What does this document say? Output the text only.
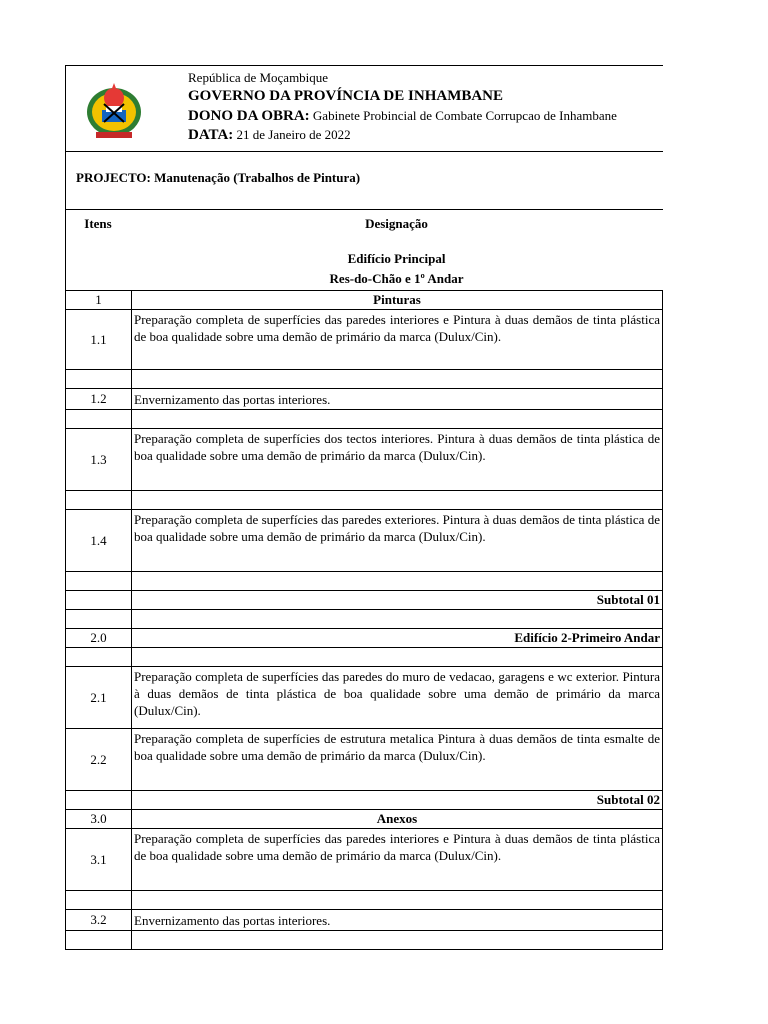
República de Moçambique
GOVERNO DA PROVÍNCIA DE INHAMBANE
DONO DA OBRA: Gabinete Probincial de Combate Corrupcao de Inhambane
DATA: 21 de Janeiro de 2022
PROJECTO: Manutenação (Trabalhos de Pintura)
Itens	Designação
Edifício Principal
Res-do-Chão e 1º Andar
1	Pinturas
1.1	Preparação completa de superfícies das paredes interiores e Pintura à duas demãos de tinta plástica de boa qualidade sobre uma demão de primário da marca (Dulux/Cin).

1.2	Envernizamento das portas interiores.

1.3	Preparação completa de superfícies dos tectos interiores. Pintura à duas demãos de tinta plástica de boa qualidade sobre uma demão de primário da marca (Dulux/Cin).

1.4	Preparação completa de superfícies das paredes exteriores. Pintura à duas demãos de tinta plástica de boa qualidade sobre uma demão de primário da marca (Dulux/Cin).

	Subtotal 01

2.0	Edifício 2-Primeiro Andar

2.1	Preparação completa de superfícies das paredes do muro de vedacao, garagens e wc exterior. Pintura à duas demãos de tinta plástica de boa qualidade sobre uma demão de primário da marca (Dulux/Cin).
2.2	Preparação completa de superfícies de estrutura metalica Pintura à duas demãos de tinta esmalte de boa qualidade sobre uma demão de primário da marca (Dulux/Cin).
	Subtotal 02
3.0	Anexos
3.1	Preparação completa de superfícies das paredes interiores e Pintura à duas demãos de tinta plástica de boa qualidade sobre uma demão de primário da marca (Dulux/Cin).

3.2	Envernizamento das portas interiores.
